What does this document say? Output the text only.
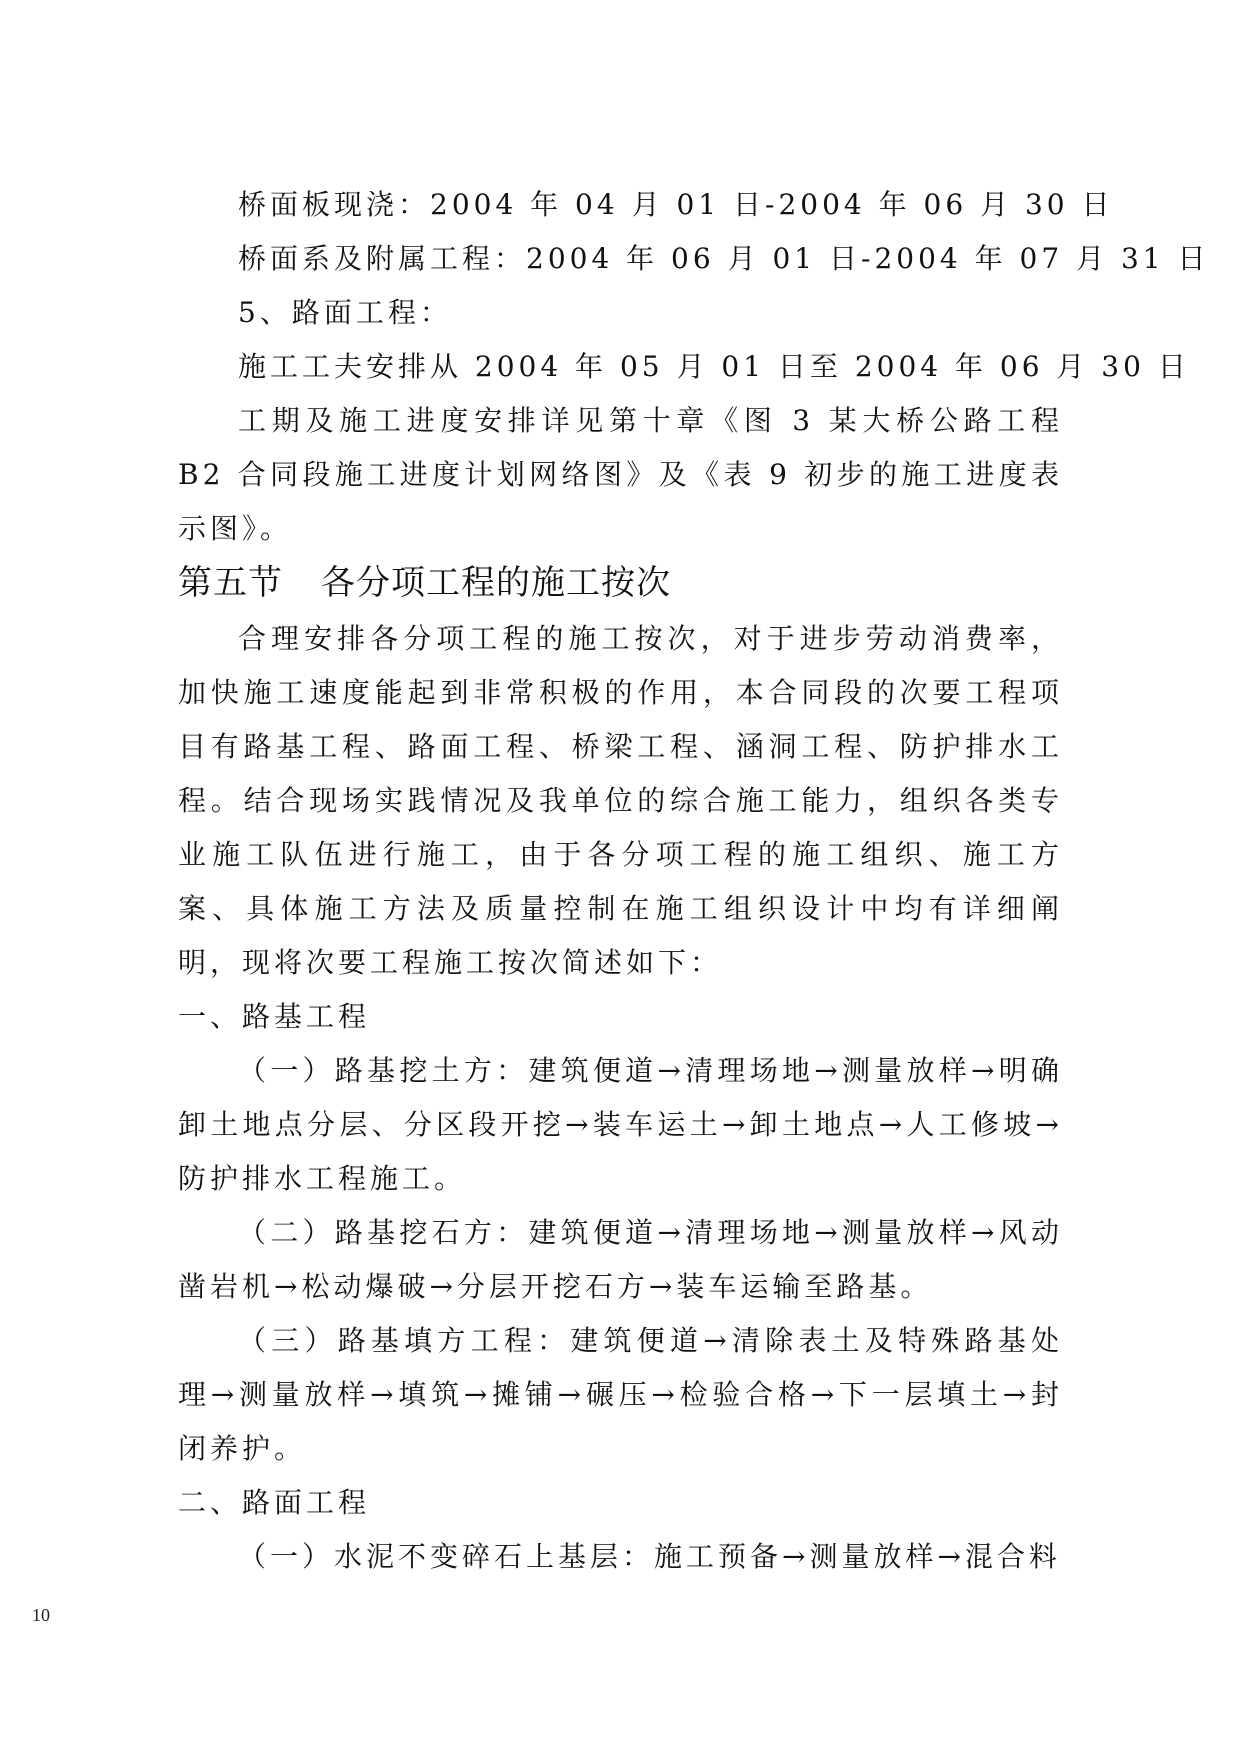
桥面板现浇：2004 年 04 月 01 日-2004 年 06 月 30 日
桥面系及附属工程：2004 年 06 月 01 日-2004 年 07 月 31 日
5、路面工程：
施工工夫安排从 2004 年 05 月 01 日至 2004 年 06 月 30 日

工期及施工进度安排详见第十章《图 3 某大桥公路工程 B2 合同段施工进度计划网络图》及《表 9 初步的施工进度表示图》。

第五节 各分项工程的施工按次

合理安排各分项工程的施工按次，对于进步劳动消费率，加快施工速度能起到非常积极的作用，本合同段的次要工程项目有路基工程、路面工程、桥梁工程、涵洞工程、防护排水工程。结合现场实践情况及我单位的综合施工能力，组织各类专业施工队伍进行施工，由于各分项工程的施工组织、施工方案、具体施工方法及质量控制在施工组织设计中均有详细阐明，现将次要工程施工按次简述如下：

一、路基工程

（一）路基挖土方：建筑便道→清理场地→测量放样→明确卸土地点分层、分区段开挖→装车运土→卸土地点→人工修坡→防护排水工程施工。

（二）路基挖石方：建筑便道→清理场地→测量放样→风动凿岩机→松动爆破→分层开挖石方→装车运输至路基。

（三）路基填方工程：建筑便道→清除表土及特殊路基处理→测量放样→填筑→摊铺→碾压→检验合格→下一层填土→封闭养护。

二、路面工程

（一）水泥不变碎石上基层：施工预备→测量放样→混合料

10
